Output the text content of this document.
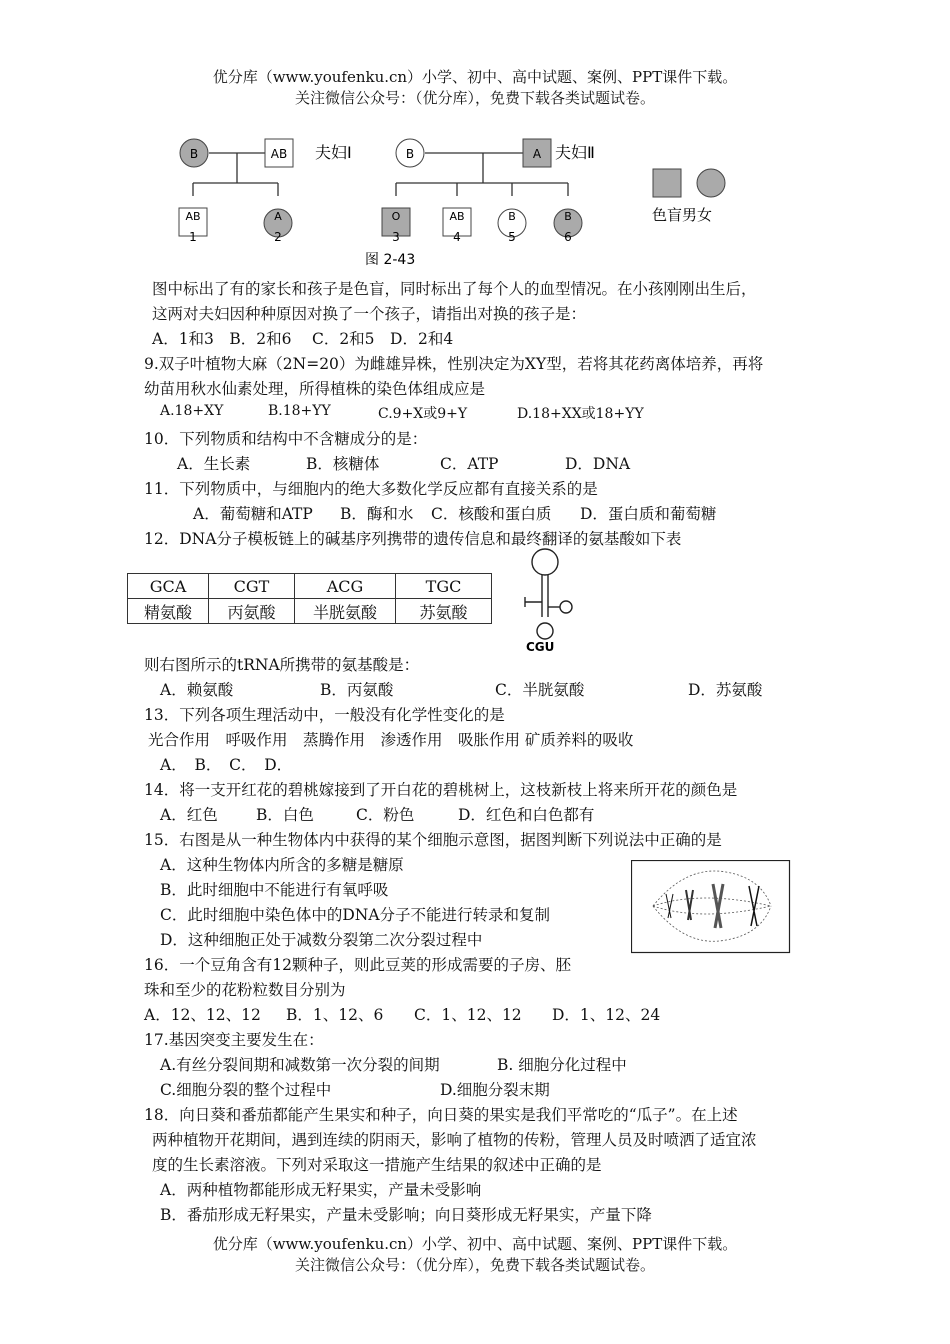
优分库（www.youfenku.cn）小学、初中、高中试题、案例、PPT课件下载。
关注微信公众号：（优分库），免费下载各类试题试卷。
B	AB 夫妇Ⅰ	B	A 夫妇Ⅱ
AB
1
A
2
O
3
AB
4
B
5
B
6
色盲男女
图 2-43
图中标出了有的家长和孩子是色盲，同时标出了每个人的血型情况。在小孩刚刚出生后，
这两对夫妇因种种原因对换了一个孩子，请指出对换的孩子是：
A．1和3　B．2和6　 C．2和5　D．2和4
9.双子叶植物大麻（2N=20）为雌雄异株，性别决定为XY型，若将其花药离体培养，再将
幼苗用秋水仙素处理，所得植株的染色体组成应是
A.18+XY	B.18+YY	C.9+X或9+Y	D.18+XX或18+YY
10．下列物质和结构中不含糖成分的是：
A．生长素	B．核糖体	C．ATP	D．DNA
11．下列物质中，与细胞内的绝大多数化学反应都有直接关系的是
A．葡萄糖和ATP B．酶和水 C．核酸和蛋白质 D．蛋白质和葡萄糖
12．DNA分子模板链上的碱基序列携带的遗传信息和最终翻译的氨基酸如下表
GCA	CGT	ACG	TGC
精氨酸	丙氨酸	半胱氨酸	苏氨酸
CGU
则右图所示的tRNA所携带的氨基酸是：
A．赖氨酸	B．丙氨酸	C．半胱氨酸	D．苏氨酸
13．下列各项生理活动中，一般没有化学性变化的是
光合作用　呼吸作用　蒸腾作用　渗透作用　吸胀作用 矿质养料的吸收
A．　B．　C．　D．
14．将一支开红花的碧桃嫁接到了开白花的碧桃树上，这枝新枝上将来所开花的颜色是
A．红色 B．白色	C．粉色	D．红色和白色都有
15．右图是从一种生物体内中获得的某个细胞示意图，据图判断下列说法中正确的是
A．这种生物体内所含的多糖是糖原
B．此时细胞中不能进行有氧呼吸
C．此时细胞中染色体中的DNA分子不能进行转录和复制
D．这种细胞正处于减数分裂第二次分裂过程中
16．一个豆角含有12颗种子，则此豆荚的形成需要的子房、胚
珠和至少的花粉粒数目分别为
A．12、12、12 B．1、12、6 C．1、12、12 D．1、12、24
17.基因突变主要发生在：
A.有丝分裂间期和减数第一次分裂的间期	B. 细胞分化过程中
C.细胞分裂的整个过程中	D.细胞分裂末期
18．向日葵和番茄都能产生果实和种子，向日葵的果实是我们平常吃的“瓜子”。在上述
两种植物开花期间，遇到连续的阴雨天，影响了植物的传粉，管理人员及时喷洒了适宜浓
度的生长素溶液。下列对采取这一措施产生结果的叙述中正确的是
A．两种植物都能形成无籽果实，产量未受影响
B．番茄形成无籽果实，产量未受影响；向日葵形成无籽果实，产量下降
优分库（www.youfenku.cn）小学、初中、高中试题、案例、PPT课件下载。
关注微信公众号：（优分库），免费下载各类试题试卷。
